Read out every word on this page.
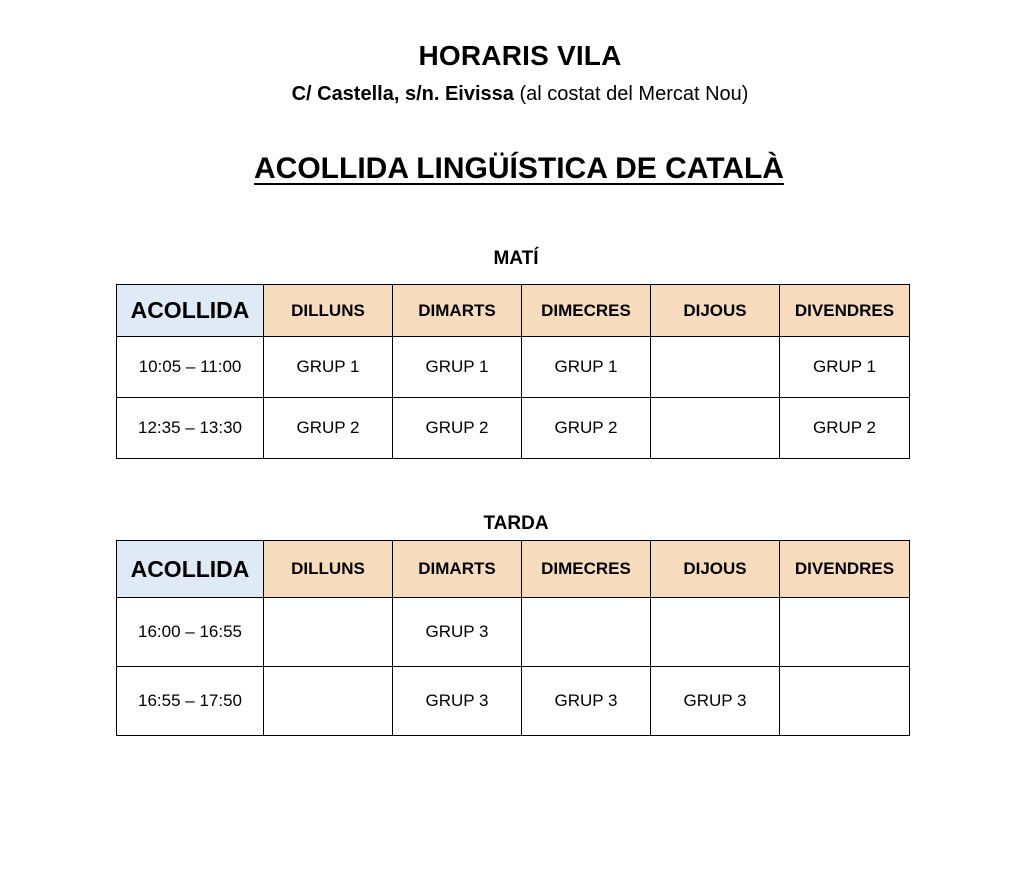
HORARIS VILA
C/ Castella, s/n. Eivissa (al costat del Mercat Nou)
ACOLLIDA LINGÜÍSTICA DE CATALÀ
MATÍ
ACOLLIDA	DILLUNS	DIMARTS	DIMECRES	DIJOUS	DIVENDRES
10:05 – 11:00	GRUP 1	GRUP 1	GRUP 1		GRUP 1
12:35 – 13:30	GRUP 2	GRUP 2	GRUP 2		GRUP 2
TARDA
ACOLLIDA	DILLUNS	DIMARTS	DIMECRES	DIJOUS	DIVENDRES
16:00 – 16:55		GRUP 3			
16:55 – 17:50		GRUP 3	GRUP 3	GRUP 3	
